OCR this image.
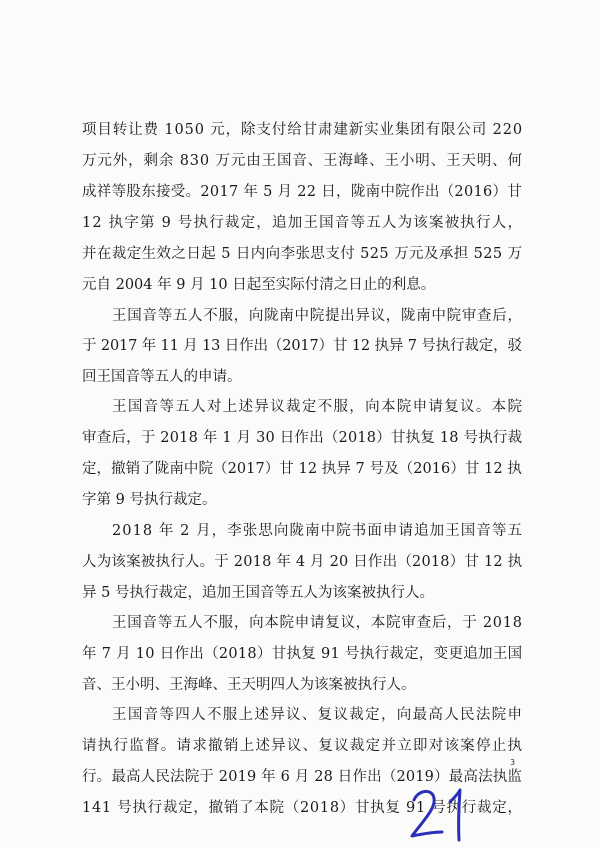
项目转让费 1050 元，除支付给甘肃建新实业集团有限公司 220
万元外，剩余 830 万元由王国音、王海峰、王小明、王天明、何
成祥等股东接受。2017 年 5 月 22 日，陇南中院作出（2016）甘
12 执字第 9 号执行裁定，追加王国音等五人为该案被执行人，
并在裁定生效之日起 5 日内向李张思支付 525 万元及承担 525 万
元自 2004 年 9 月 10 日起至实际付清之日止的利息。
王国音等五人不服，向陇南中院提出异议，陇南中院审查后，
于 2017 年 11 月 13 日作出（2017）甘 12 执异 7 号执行裁定，驳
回王国音等五人的申请。
王国音等五人对上述异议裁定不服，向本院申请复议。本院
审查后，于 2018 年 1 月 30 日作出（2018）甘执复 18 号执行裁
定，撤销了陇南中院（2017）甘 12 执异 7 号及（2016）甘 12 执
字第 9 号执行裁定。
2018 年 2 月，李张思向陇南中院书面申请追加王国音等五
人为该案被执行人。于 2018 年 4 月 20 日作出（2018）甘 12 执
异 5 号执行裁定，追加王国音等五人为该案被执行人。
王国音等五人不服，向本院申请复议，本院审查后，于 2018
年 7 月 10 日作出（2018）甘执复 91 号执行裁定，变更追加王国
音、王小明、王海峰、王天明四人为该案被执行人。
王国音等四人不服上述异议、复议裁定，向最高人民法院申
请执行监督。请求撤销上述异议、复议裁定并立即对该案停止执
行。最高人民法院于 2019 年 6 月 28 日作出（2019）最高法执监
141 号执行裁定，撤销了本院（2018）甘执复 91 号执行裁定，
3
